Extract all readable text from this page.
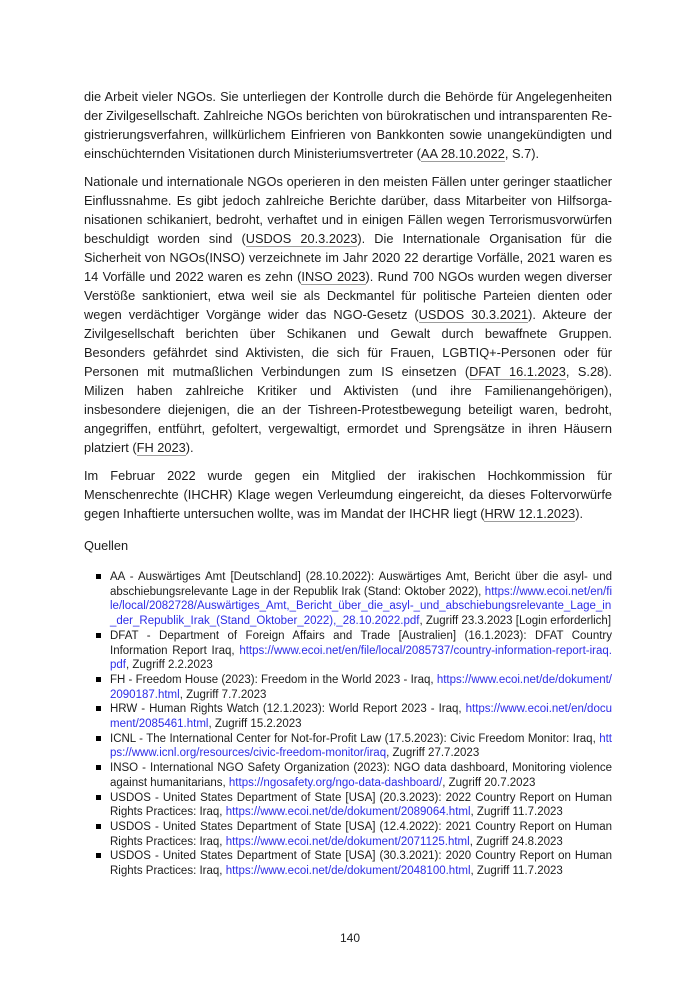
die Arbeit vieler NGOs. Sie unterliegen der Kontrolle durch die Behörde für Angelegenheiten der Zivilgesellschaft. Zahlreiche NGOs berichten von bürokratischen und intransparenten Registrierungsverfahren, willkürlichem Einfrieren von Bankkonten sowie unangekündigten und einschüchternden Visitationen durch Ministeriumsvertreter (AA 28.10.2022, S.7).

Nationale und internationale NGOs operieren in den meisten Fällen unter geringer staatlicher Einflussnahme. Es gibt jedoch zahlreiche Berichte darüber, dass Mitarbeiter von Hilfsorganisationen schikaniert, bedroht, verhaftet und in einigen Fällen wegen Terrorismusvorwürfen beschuldigt worden sind (USDOS 20.3.2023). Die Internationale Organisation für die Sicherheit von NGOs(INSO) verzeichnete im Jahr 2020 22 derartige Vorfälle, 2021 waren es 14 Vorfälle und 2022 waren es zehn (INSO 2023). Rund 700 NGOs wurden wegen diverser Verstöße sanktioniert, etwa weil sie als Deckmantel für politische Parteien dienten oder wegen verdächtiger Vorgänge wider das NGO-Gesetz (USDOS 30.3.2021). Akteure der Zivilgesellschaft berichten über Schikanen und Gewalt durch bewaffnete Gruppen. Besonders gefährdet sind Aktivisten, die sich für Frauen, LGBTIQ+-Personen oder für Personen mit mutmaßlichen Verbindungen zum IS einsetzen (DFAT 16.1.2023, S.28). Milizen haben zahlreiche Kritiker und Aktivisten (und ihre Familienangehörigen), insbesondere diejenigen, die an der Tishreen-Protestbewegung beteiligt waren, bedroht, angegriffen, entführt, gefoltert, vergewaltigt, ermordet und Sprengsätze in ihren Häusern platziert (FH 2023).

Im Februar 2022 wurde gegen ein Mitglied der irakischen Hochkommission für Menschenrechte (IHCHR) Klage wegen Verleumdung eingereicht, da dieses Foltervorwürfe gegen Inhaftierte untersuchen wollte, was im Mandat der IHCHR liegt (HRW 12.1.2023).

Quellen
AA - Auswärtiges Amt [Deutschland] (28.10.2022): Auswärtiges Amt, Bericht über die asyl- und abschiebungsrelevante Lage in der Republik Irak (Stand: Oktober 2022), https://www.ecoi.net/en/file/local/2082728/Auswärtiges_Amt,_Bericht_über_die_asyl-_und_abschiebungsrelevante_Lage_in_der_Republik_Irak_(Stand_Oktober_2022),_28.10.2022.pdf, Zugriff 23.3.2023 [Login erforderlich]
DFAT - Department of Foreign Affairs and Trade [Australien] (16.1.2023): DFAT Country Information Report Iraq, https://www.ecoi.net/en/file/local/2085737/country-information-report-iraq.pdf, Zugriff 2.2.2023
FH - Freedom House (2023): Freedom in the World 2023 - Iraq, https://www.ecoi.net/de/dokument/2090187.html, Zugriff 7.7.2023
HRW - Human Rights Watch (12.1.2023): World Report 2023 - Iraq, https://www.ecoi.net/en/document/2085461.html, Zugriff 15.2.2023
ICNL - The International Center for Not-for-Profit Law (17.5.2023): Civic Freedom Monitor: Iraq, https://www.icnl.org/resources/civic-freedom-monitor/iraq, Zugriff 27.7.2023
INSO - International NGO Safety Organization (2023): NGO data dashboard, Monitoring violence against humanitarians, https://ngosafety.org/ngo-data-dashboard/, Zugriff 20.7.2023
USDOS - United States Department of State [USA] (20.3.2023): 2022 Country Report on Human Rights Practices: Iraq, https://www.ecoi.net/de/dokument/2089064.html, Zugriff 11.7.2023
USDOS - United States Department of State [USA] (12.4.2022): 2021 Country Report on Human Rights Practices: Iraq, https://www.ecoi.net/de/dokument/2071125.html, Zugriff 24.8.2023
USDOS - United States Department of State [USA] (30.3.2021): 2020 Country Report on Human Rights Practices: Iraq, https://www.ecoi.net/de/dokument/2048100.html, Zugriff 11.7.2023
140
